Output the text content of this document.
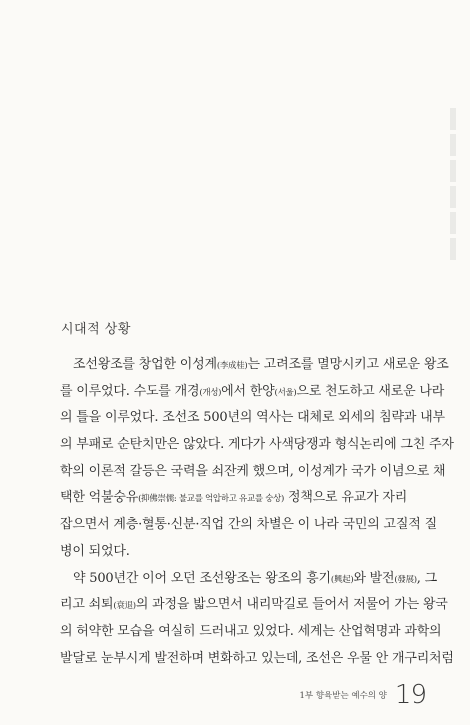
시대적 상황
조선왕조를 창업한 이성계(李成桂)는 고려조를 멸망시키고 새로운 왕조
를 이루었다. 수도를 개경(개성)에서 한양(서울)으로 천도하고 새로운 나라
의 틀을 이루었다. 조선조 500년의 역사는 대체로 외세의 침략과 내부
의 부패로 순탄치만은 않았다. 게다가 사색당쟁과 형식논리에 그친 주자
학의 이론적 갈등은 국력을 쇠잔케 했으며, 이성계가 국가 이념으로 채
택한 억불숭유(抑佛崇儒: 불교를 억압하고 유교를 숭상) 정책으로 유교가 자리
잡으면서 계층·혈통·신분·직업 간의 차별은 이 나라 국민의 고질적 질
병이 되었다.
약 500년간 이어 오던 조선왕조는 왕조의 흥기(興起)와 발전(發展), 그
리고 쇠퇴(衰退)의 과정을 밟으면서 내리막길로 들어서 저물어 가는 왕국
의 허약한 모습을 여실히 드러내고 있었다. 세계는 산업혁명과 과학의
발달로 눈부시게 발전하며 변화하고 있는데, 조선은 우물 안 개구리처럼
1부 향육받는 예수의 양 19
